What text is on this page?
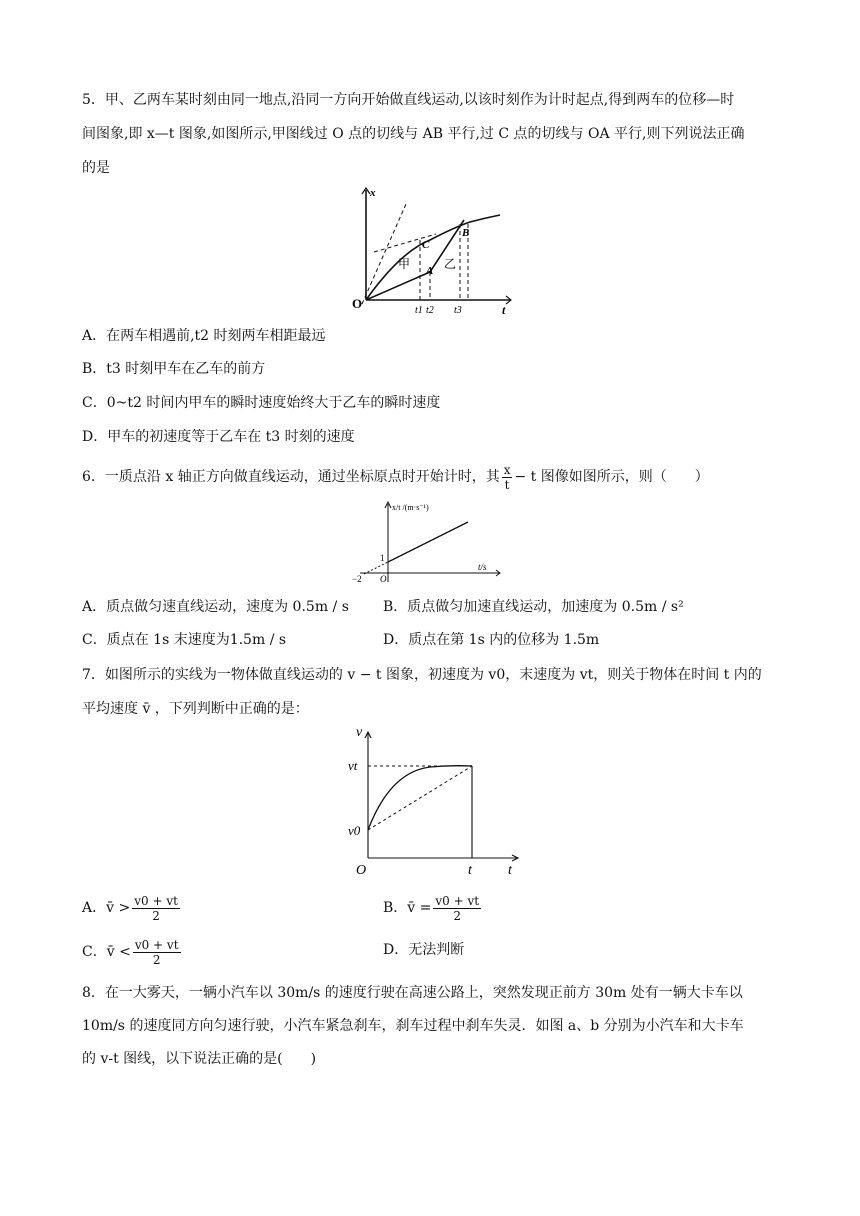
5．甲、乙两车某时刻由同一地点,沿同一方向开始做直线运动,以该时刻作为计时起点,得到两车的位移—时
间图象,即 x—t 图象,如图所示,甲图线过 O 点的切线与 AB 平行,过 C 点的切线与 OA 平行,则下列说法正确
的是
O
x
t
C
A
B
甲	乙
t1 t2 t3
A．在两车相遇前,t2 时刻两车相距最远
B．t3 时刻甲车在乙车的前方
C．0~t2 时间内甲车的瞬时速度始终大于乙车的瞬时速度
D．甲车的初速度等于乙车在 t3 时刻的速度
6．一质点沿 x 轴正方向做直线运动，通过坐标原点时开始计时，其 $\frac{x}{t} - t$ 图像如图所示，则（　　）
x/t /(m·s⁻¹)
t/s
1
−2 O
A．质点做匀速直线运动，速度为 0.5m / s B．质点做匀加速直线运动，加速度为 0.5m / s²
C．质点在 1s 末速度为1.5m / s	D．质点在第 1s 内的位移为 1.5m
7．如图所示的实线为一物体做直线运动的 v − t 图象，初速度为 v0，末速度为 vt，则关于物体在时间 t 内的
平均速度 v̄ ，下列判断中正确的是：
v
vt
v0
O	t	t
A．v̄ > $\frac{v0 + vt}{2}$	B．v̄ = $\frac{v0 + vt}{2}$
C．v̄ < $\frac{v0 + vt}{2}$	D．无法判断
8．在一大雾天，一辆小汽车以 30m/s 的速度行驶在高速公路上，突然发现正前方 30m 处有一辆大卡车以
10m/s 的速度同方向匀速行驶，小汽车紧急刹车，刹车过程中刹车失灵．如图 a、b 分别为小汽车和大卡车
的 v-t 图线，以下说法正确的是(　　)
